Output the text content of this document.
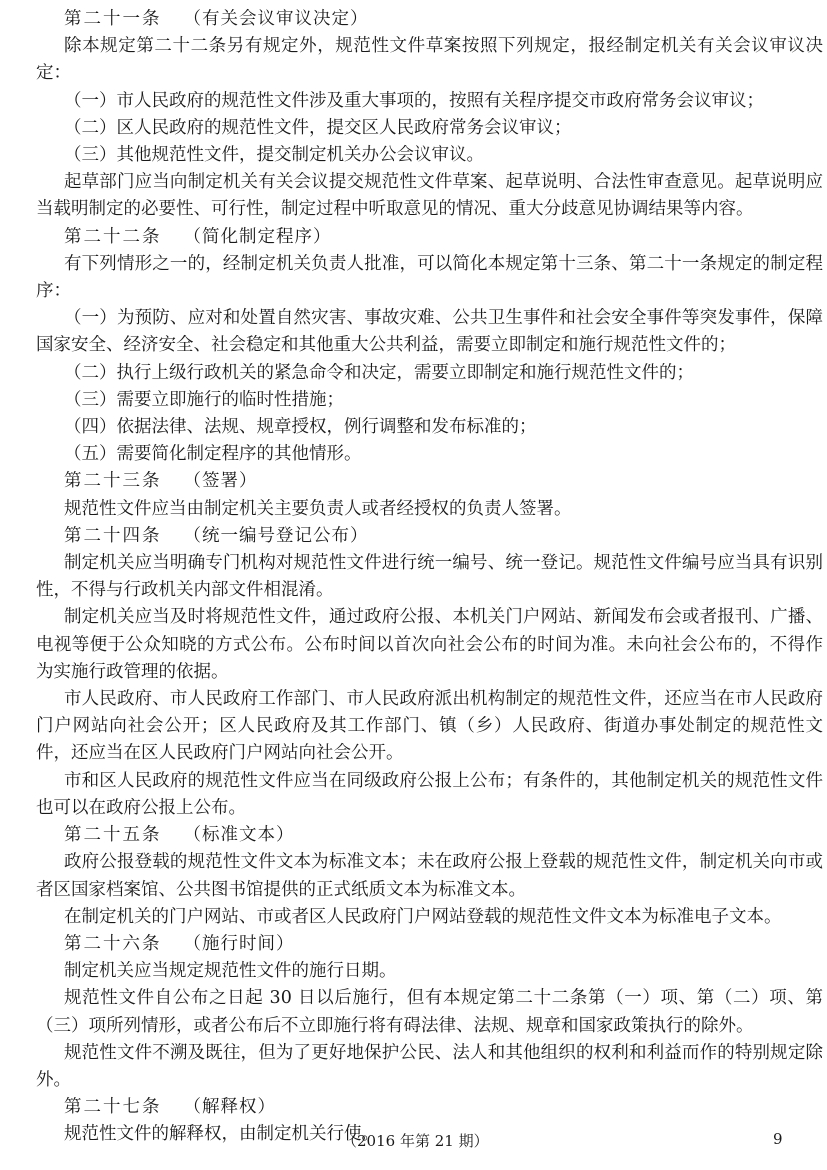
第二十一条 （有关会议审议决定）

除本规定第二十二条另有规定外，规范性文件草案按照下列规定，报经制定机关有关会议审议决定：

（一）市人民政府的规范性文件涉及重大事项的，按照有关程序提交市政府常务会议审议；

（二）区人民政府的规范性文件，提交区人民政府常务会议审议；

（三）其他规范性文件，提交制定机关办公会议审议。

起草部门应当向制定机关有关会议提交规范性文件草案、起草说明、合法性审查意见。起草说明应当载明制定的必要性、可行性，制定过程中听取意见的情况、重大分歧意见协调结果等内容。

第二十二条 （简化制定程序）

有下列情形之一的，经制定机关负责人批准，可以简化本规定第十三条、第二十一条规定的制定程序：

（一）为预防、应对和处置自然灾害、事故灾难、公共卫生事件和社会安全事件等突发事件，保障国家安全、经济安全、社会稳定和其他重大公共利益，需要立即制定和施行规范性文件的；

（二）执行上级行政机关的紧急命令和决定，需要立即制定和施行规范性文件的；

（三）需要立即施行的临时性措施；

（四）依据法律、法规、规章授权，例行调整和发布标准的；

（五）需要简化制定程序的其他情形。

第二十三条 （签署）

规范性文件应当由制定机关主要负责人或者经授权的负责人签署。

第二十四条 （统一编号登记公布）

制定机关应当明确专门机构对规范性文件进行统一编号、统一登记。规范性文件编号应当具有识别性，不得与行政机关内部文件相混淆。

制定机关应当及时将规范性文件，通过政府公报、本机关门户网站、新闻发布会或者报刊、广播、电视等便于公众知晓的方式公布。公布时间以首次向社会公布的时间为准。未向社会公布的，不得作为实施行政管理的依据。

市人民政府、市人民政府工作部门、市人民政府派出机构制定的规范性文件，还应当在市人民政府门户网站向社会公开；区人民政府及其工作部门、镇（乡）人民政府、街道办事处制定的规范性文件，还应当在区人民政府门户网站向社会公开。

市和区人民政府的规范性文件应当在同级政府公报上公布；有条件的，其他制定机关的规范性文件也可以在政府公报上公布。

第二十五条 （标准文本）

政府公报登载的规范性文件文本为标准文本；未在政府公报上登载的规范性文件，制定机关向市或者区国家档案馆、公共图书馆提供的正式纸质文本为标准文本。

在制定机关的门户网站、市或者区人民政府门户网站登载的规范性文件文本为标准电子文本。

第二十六条 （施行时间）

制定机关应当规定规范性文件的施行日期。

规范性文件自公布之日起 30 日以后施行，但有本规定第二十二条第（一）项、第（二）项、第（三）项所列情形，或者公布后不立即施行将有碍法律、法规、规章和国家政策执行的除外。

规范性文件不溯及既往，但为了更好地保护公民、法人和其他组织的权利和利益而作的特别规定除外。

第二十七条 （解释权）

规范性文件的解释权，由制定机关行使。

（2016 年第 21 期）	9
